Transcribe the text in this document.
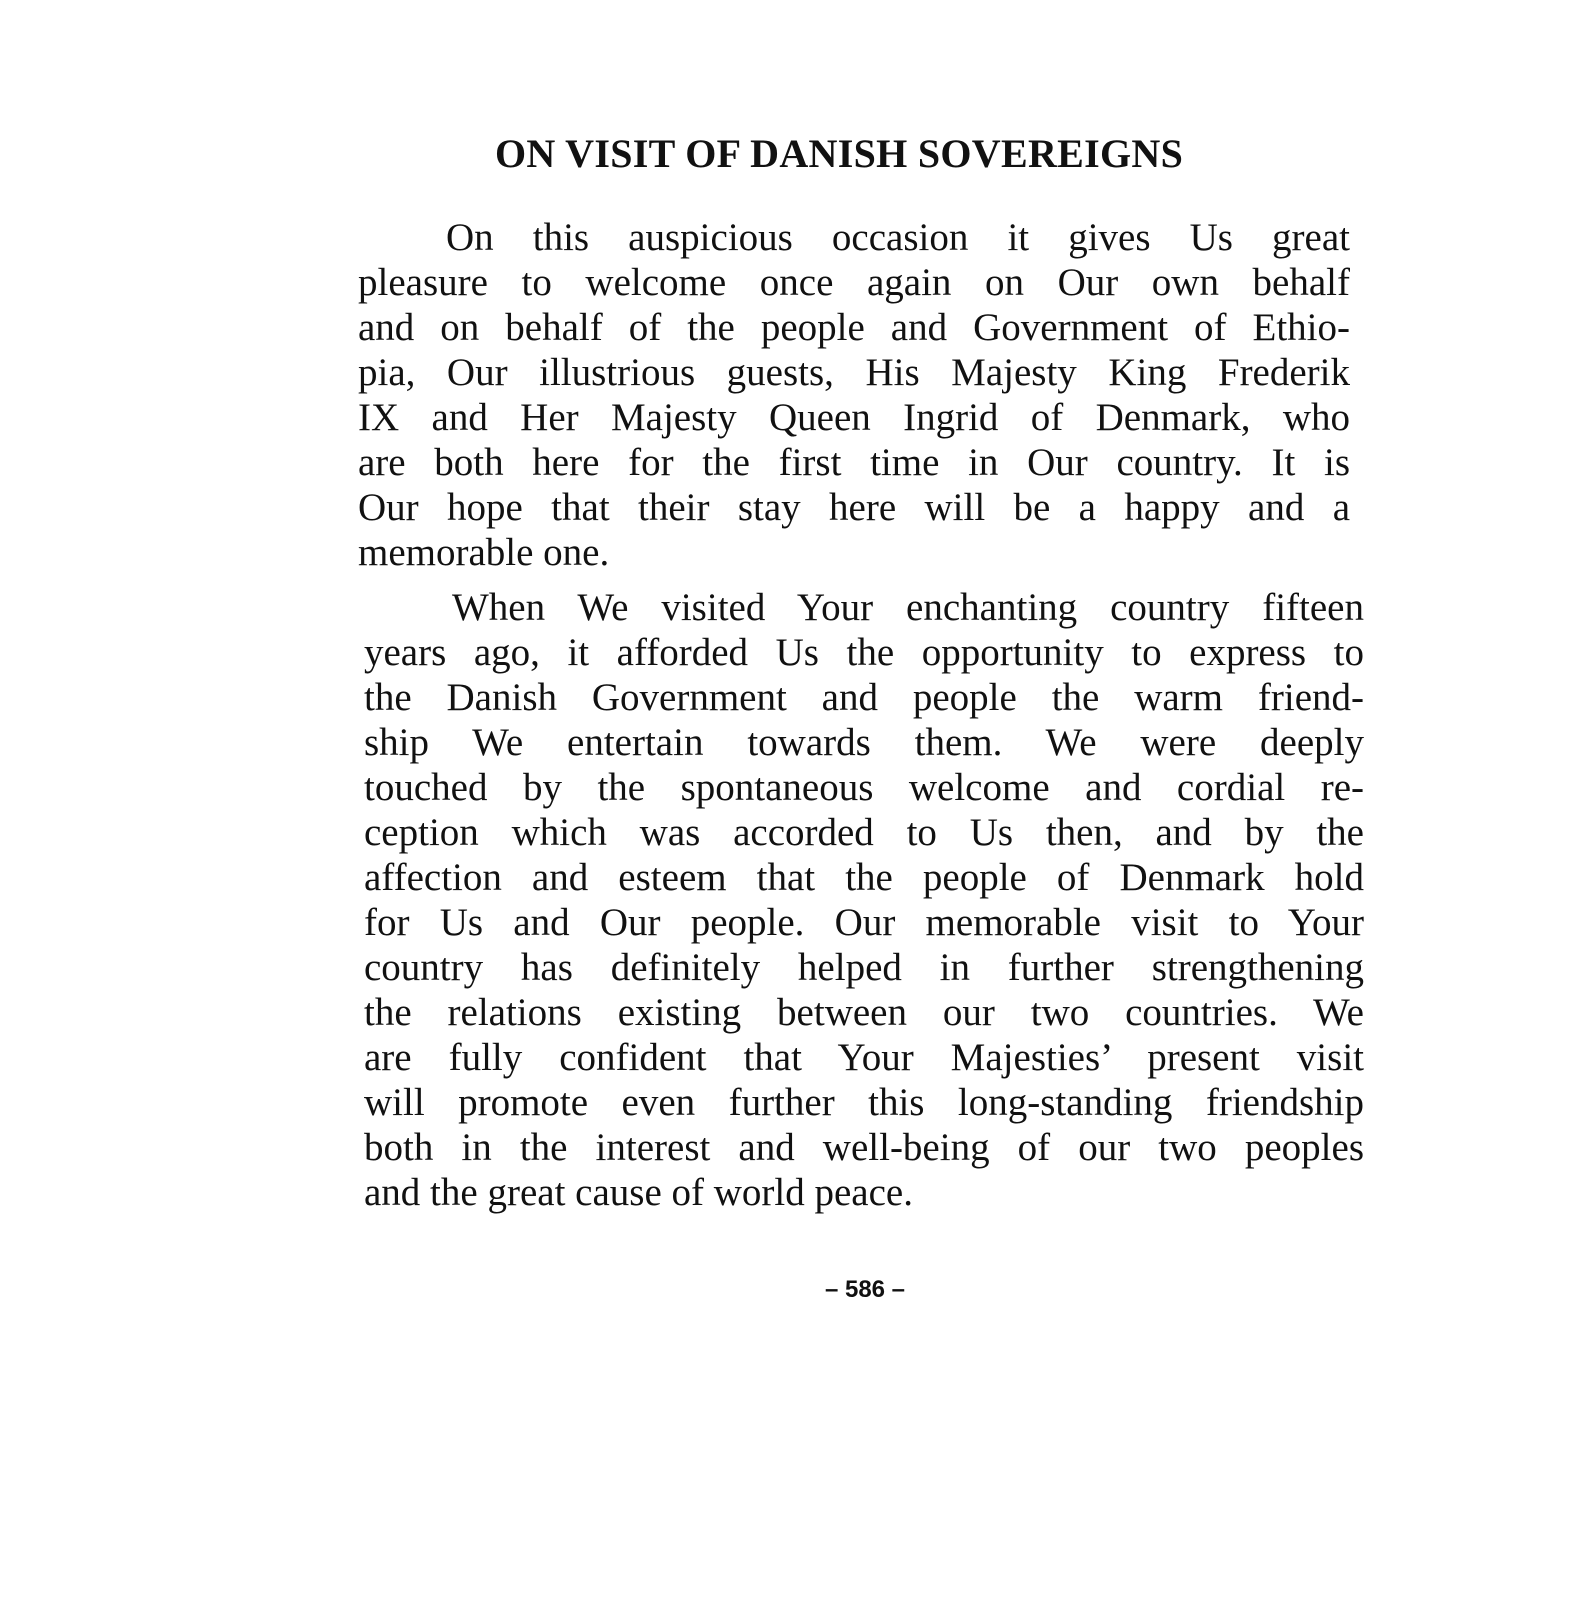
ON VISIT OF DANISH SOVEREIGNS
On this auspicious occasion it gives Us great
pleasure to welcome once again on Our own behalf
and on behalf of the people and Government of Ethio-
pia, Our illustrious guests, His Majesty King Frederik
IX and Her Majesty Queen Ingrid of Denmark, who
are both here for the first time in Our country. It is
Our hope that their stay here will be a happy and a
memorable one.
When We visited Your enchanting country fifteen
years ago, it afforded Us the opportunity to express to
the Danish Government and people the warm friend-
ship We entertain towards them. We were deeply
touched by the spontaneous welcome and cordial re-
ception which was accorded to Us then, and by the
affection and esteem that the people of Denmark hold
for Us and Our people. Our memorable visit to Your
country has definitely helped in further strengthening
the relations existing between our two countries. We
are fully confident that Your Majesties’ present visit
will promote even further this long-standing friendship
both in the interest and well-being of our two peoples
and the great cause of world peace.
– 586 –
